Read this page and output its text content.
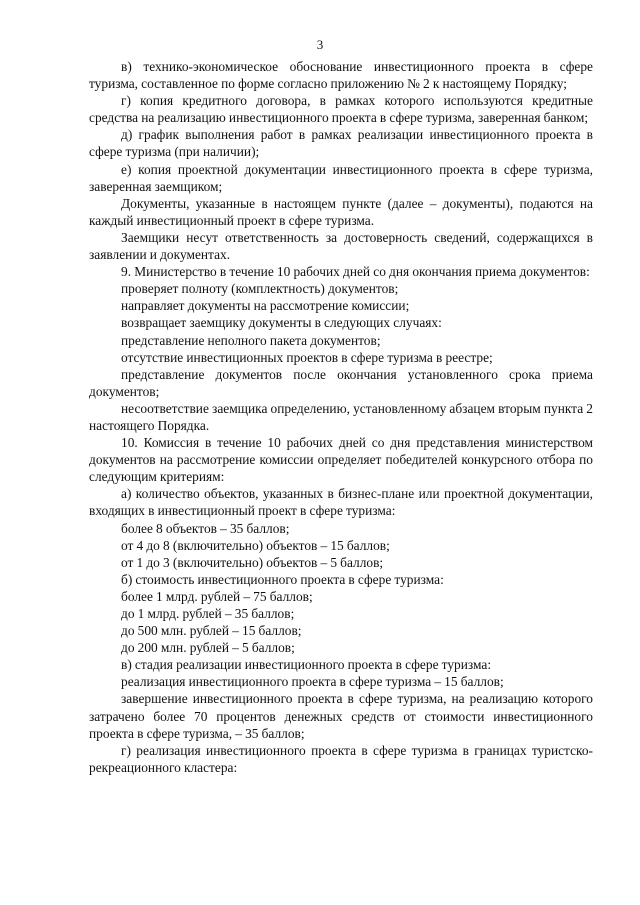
3

в) технико-экономическое обоснование инвестиционного проекта в сфере туризма, составленное по форме согласно приложению № 2 к настоящему Порядку;

г) копия кредитного договора, в рамках которого используются кредитные средства на реализацию инвестиционного проекта в сфере туризма, заверенная банком;

д) график выполнения работ в рамках реализации инвестиционного проекта в сфере туризма (при наличии);

е) копия проектной документации инвестиционного проекта в сфере туризма, заверенная заемщиком;

Документы, указанные в настоящем пункте (далее – документы), подаются на каждый инвестиционный проект в сфере туризма.

Заемщики несут ответственность за достоверность сведений, содержащихся в заявлении и документах.

9. Министерство в течение 10 рабочих дней со дня окончания приема документов:

проверяет полноту (комплектность) документов;

направляет документы на рассмотрение комиссии;

возвращает заемщику документы в следующих случаях:

представление неполного пакета документов;

отсутствие инвестиционных проектов в сфере туризма в реестре;

представление документов после окончания установленного срока приема документов;

несоответствие заемщика определению, установленному абзацем вторым пункта 2 настоящего Порядка.

10. Комиссия в течение 10 рабочих дней со дня представления министерством документов на рассмотрение комиссии определяет победителей конкурсного отбора по следующим критериям:

а) количество объектов, указанных в бизнес-плане или проектной документации, входящих в инвестиционный проект в сфере туризма:

более 8 объектов – 35 баллов;

от 4 до 8 (включительно) объектов – 15 баллов;

от 1 до 3 (включительно) объектов – 5 баллов;

б) стоимость инвестиционного проекта в сфере туризма:

более 1 млрд. рублей – 75 баллов;

до 1 млрд. рублей – 35 баллов;

до 500 млн. рублей – 15 баллов;

до 200 млн. рублей – 5 баллов;

в) стадия реализации инвестиционного проекта в сфере туризма:

реализация инвестиционного проекта в сфере туризма – 15 баллов;

завершение инвестиционного проекта в сфере туризма, на реализацию которого затрачено более 70 процентов денежных средств от стоимости инвестиционного проекта в сфере туризма, – 35 баллов;

г) реализация инвестиционного проекта в сфере туризма в границах туристско-рекреационного кластера:
